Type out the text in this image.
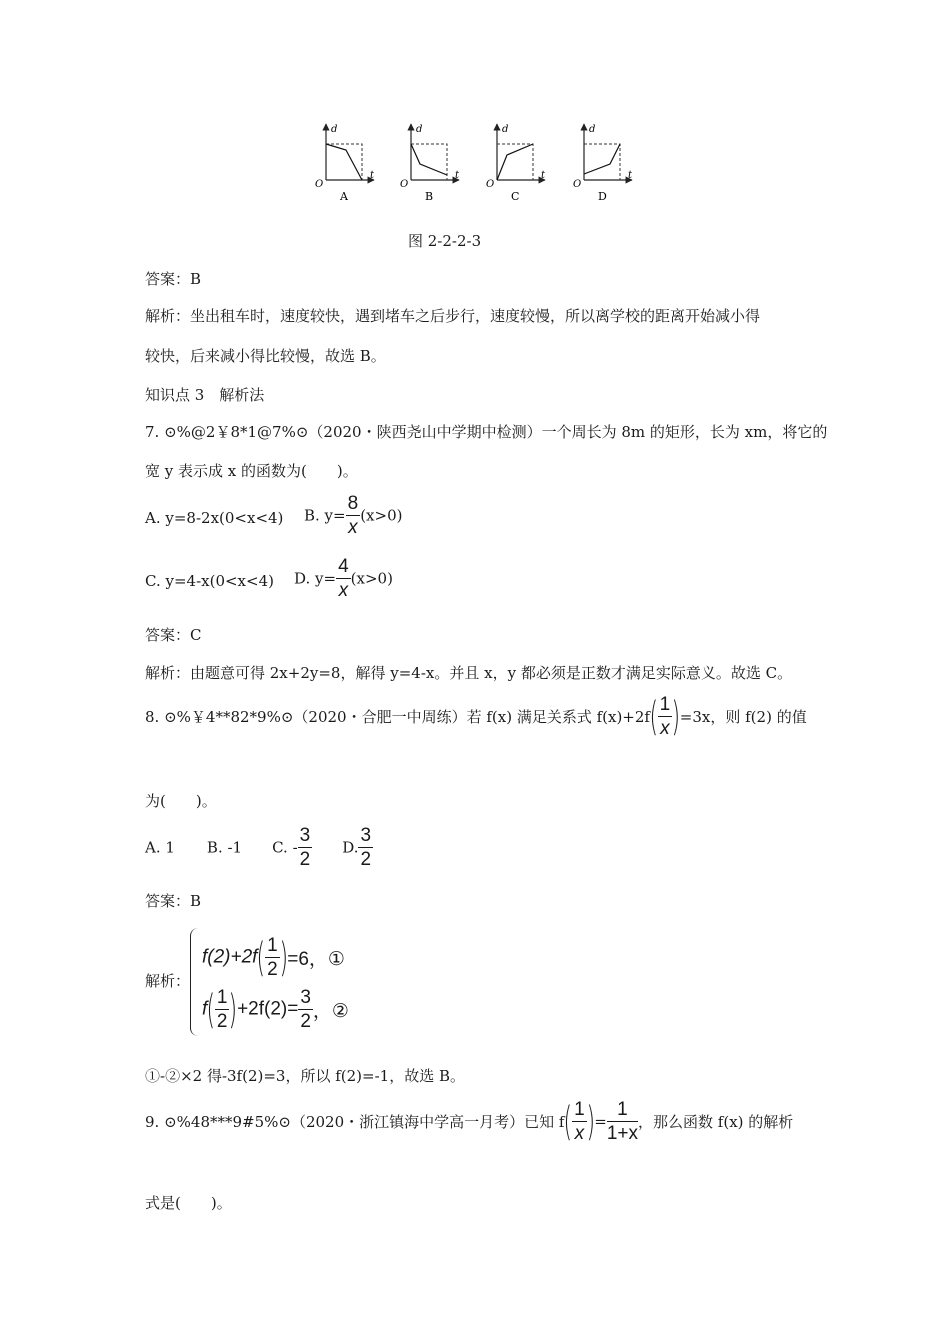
d
t
O
A
d
t
O
B
d
t
O
C
d
t
O
D
图 2-2-2-3
答案：B
解析：坐出租车时，速度较快，遇到堵车之后步行，速度较慢，所以离学校的距离开始减小得
较快，后来减小得比较慢，故选 B。
知识点 3　解析法
7. ⊙%@2￥8*1@7%⊙（2020・陕西尧山中学期中检测）一个周长为 8m 的矩形，长为 xm，将它的
宽 y 表示成 x 的函数为(　　)。
A. y=8-2x(0<x<4) B. $y= \frac{8}{x} (x>0)$
C. y=4-x(0<x<4) D. $y= \frac{4}{x} (x>0)$
答案：C
解析：由题意可得 2x+2y=8，解得 y=4-x。并且 x，y 都必须是正数才满足实际意义。故选 C。
8. ⊙%￥4**82*9%⊙（2020・合肥一中周练）若 f(x) 满足关系式 $f(x)+2f( \frac{1}{x} )=3x$，则 f(2) 的值
为(　　)。
A. 1 B. -1 C. - $\frac{3}{2} D$. $\frac{3}{2}$
答案：B
解析：
$f(2)+2f( \frac{1}{2} )=6$，①
$f( \frac{1}{2} )+2f(2)= \frac{3}{2}$ ，②
①-②×2 得-3f(2)=3，所以 f(2)=-1，故选 B。
9. ⊙%48***9#5%⊙（2020・浙江镇海中学高一月考）已知 $f( \frac{1}{x}$ )= $\frac{1}{1+x}$ ，那么函数 f(x) 的解析
式是(　　)。
